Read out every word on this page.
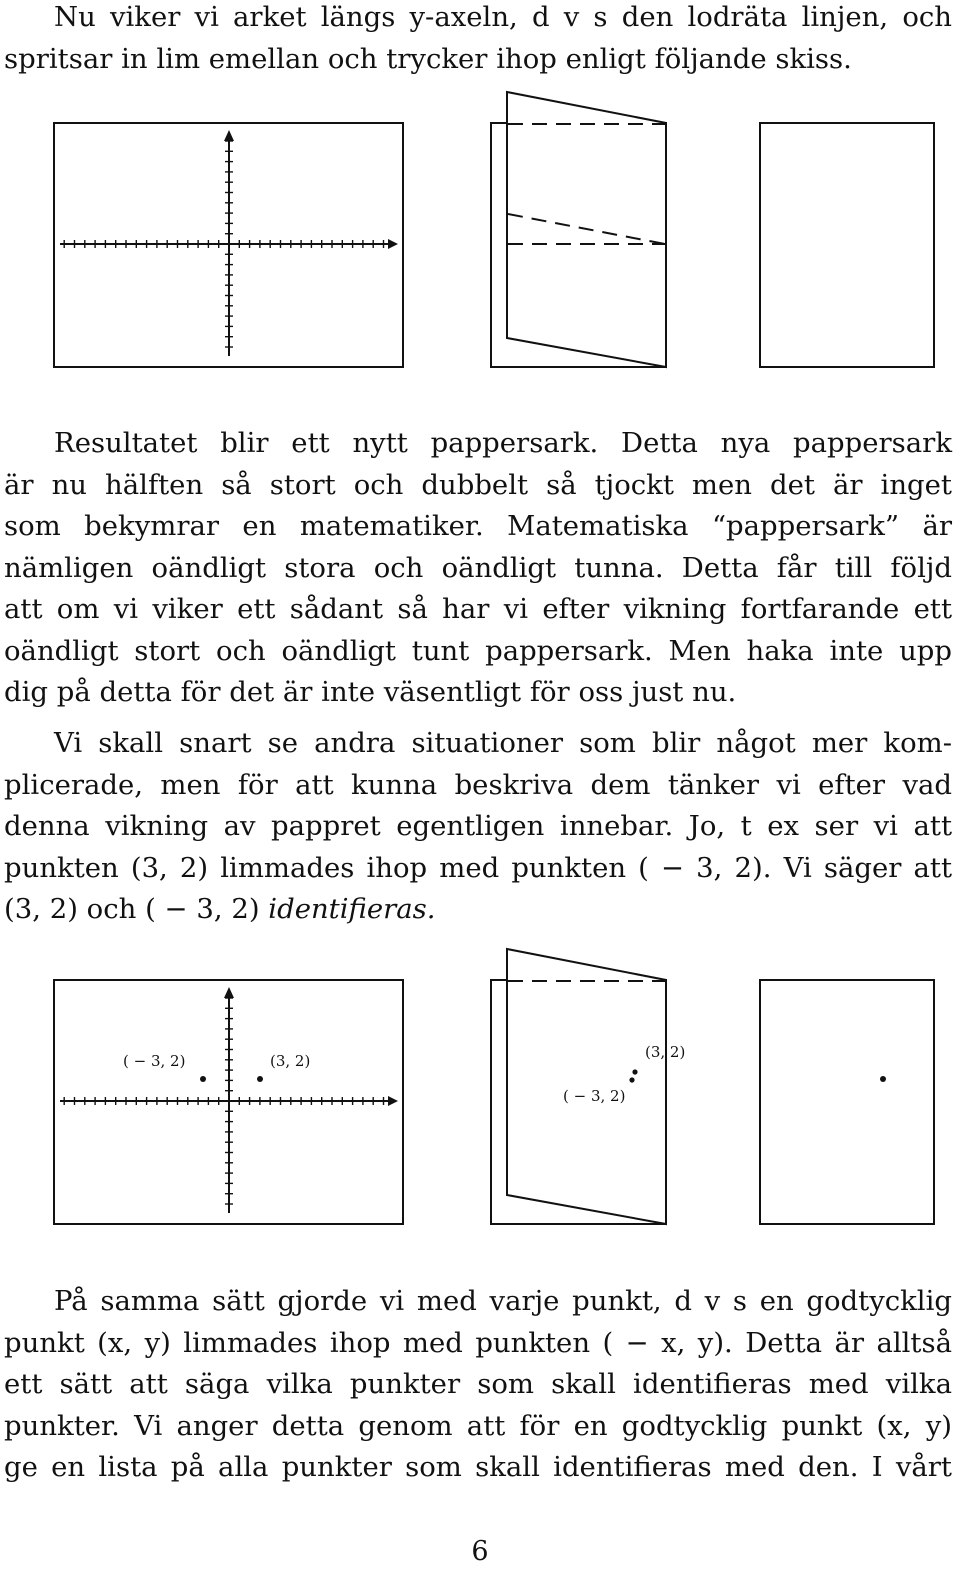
Nu viker vi arket längs y-axeln, d v s den lodräta linjen, och
spritsar in lim emellan och trycker ihop enligt följande skiss.
Resultatet blir ett nytt pappersark. Detta nya pappersark
är nu hälften så stort och dubbelt så tjockt men det är inget
som bekymrar en matematiker. Matematiska “pappersark” är
nämligen oändligt stora och oändligt tunna. Detta får till följd
att om vi viker ett sådant så har vi efter vikning fortfarande ett
oändligt stort och oändligt tunt pappersark. Men haka inte upp
dig på detta för det är inte väsentligt för oss just nu.
Vi skall snart se andra situationer som blir något mer kom-
plicerade, men för att kunna beskriva dem tänker vi efter vad
denna vikning av pappret egentligen innebar. Jo, t ex ser vi att
punkten (3, 2) limmades ihop med punkten ( − 3, 2). Vi säger att
(3, 2) och ( − 3, 2) identifieras.
( − 3, 2)	(3, 2)	(3, 2)
( − 3, 2)
På samma sätt gjorde vi med varje punkt, d v s en godtycklig
punkt (x, y) limmades ihop med punkten ( − x, y). Detta är alltså
ett sätt att säga vilka punkter som skall identifieras med vilka
punkter. Vi anger detta genom att för en godtycklig punkt (x, y)
ge en lista på alla punkter som skall identifieras med den. I vårt
6
